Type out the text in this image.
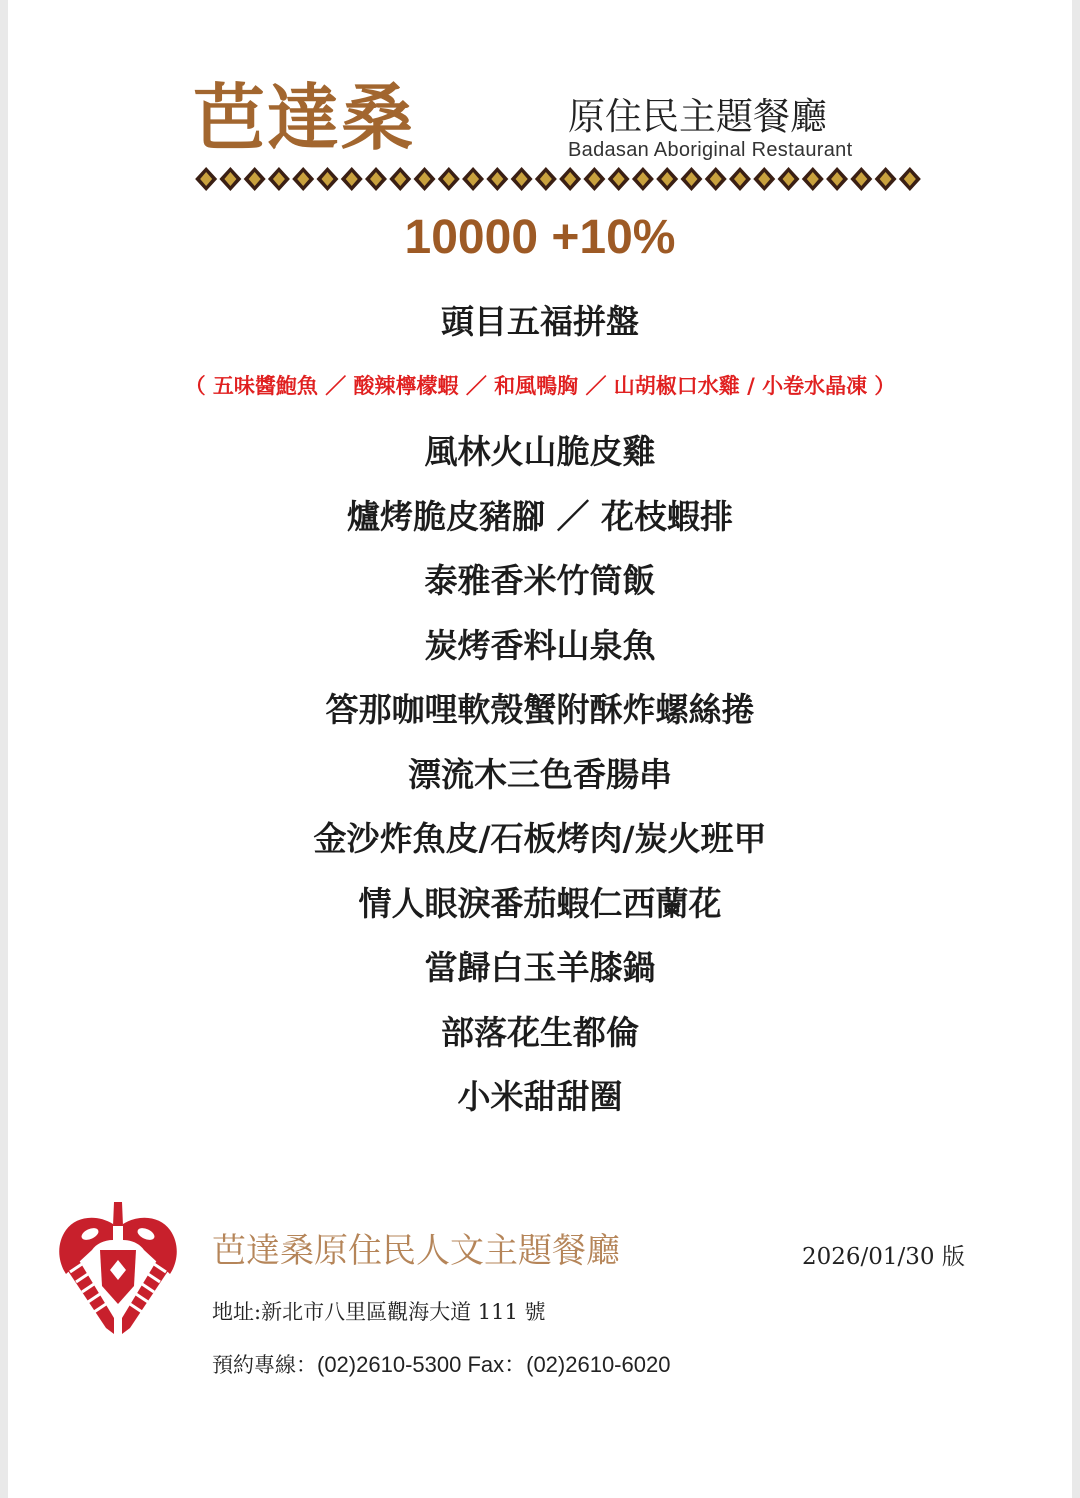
芭達桑	原住民主題餐廳
Badasan Aboriginal Restaurant
10000 +10%
頭目五福拼盤
（ 五味醬鮑魚 ／ 酸辣檸檬蝦 ／ 和風鴨胸 ／ 山胡椒口水雞 / 小卷水晶凍 ）
風林火山脆皮雞
爐烤脆皮豬腳 ／ 花枝蝦排
泰雅香米竹筒飯
炭烤香料山泉魚
答那咖哩軟殼蟹附酥炸螺絲捲
漂流木三色香腸串
金沙炸魚皮/石板烤肉/炭火班甲
情人眼淚番茄蝦仁西蘭花
當歸白玉羊膝鍋
部落花生都倫
小米甜甜圈
芭達桑原住民人文主題餐廳	2026/01/30 版
地址:新北市八里區觀海大道 111 號
預約專線：(02)2610-5300 Fax：(02)2610-6020
